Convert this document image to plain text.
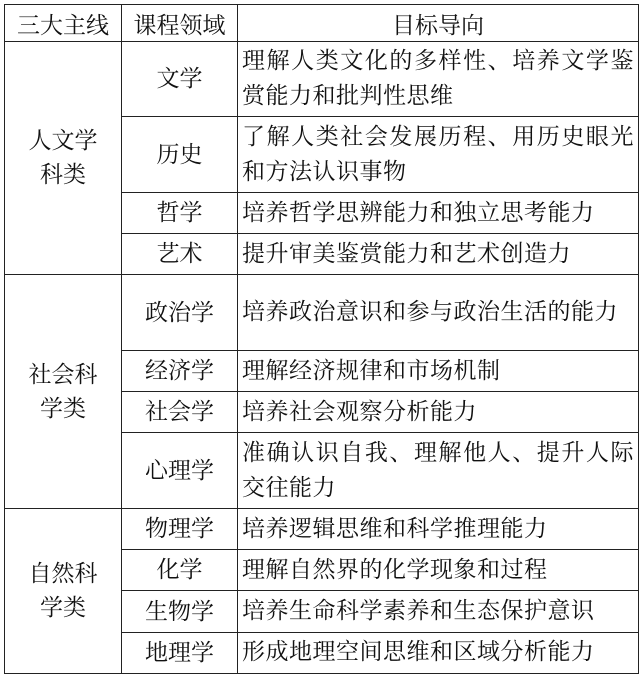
三大主线	课程领域	目标导向
人文学科类	文学	理解人类文化的多样性、培养文学鉴赏能力和批判性思维
	历史	了解人类社会发展历程、用历史眼光和方法认识事物
	哲学	培养哲学思辨能力和独立思考能力
	艺术	提升审美鉴赏能力和艺术创造力
社会科学类	政治学	培养政治意识和参与政治生活的能力
	经济学	理解经济规律和市场机制
	社会学	培养社会观察分析能力
	心理学	准确认识自我、理解他人、提升人际交往能力
自然科学类	物理学	培养逻辑思维和科学推理能力
	化学	理解自然界的化学现象和过程
	生物学	培养生命科学素养和生态保护意识
	地理学	形成地理空间思维和区域分析能力
